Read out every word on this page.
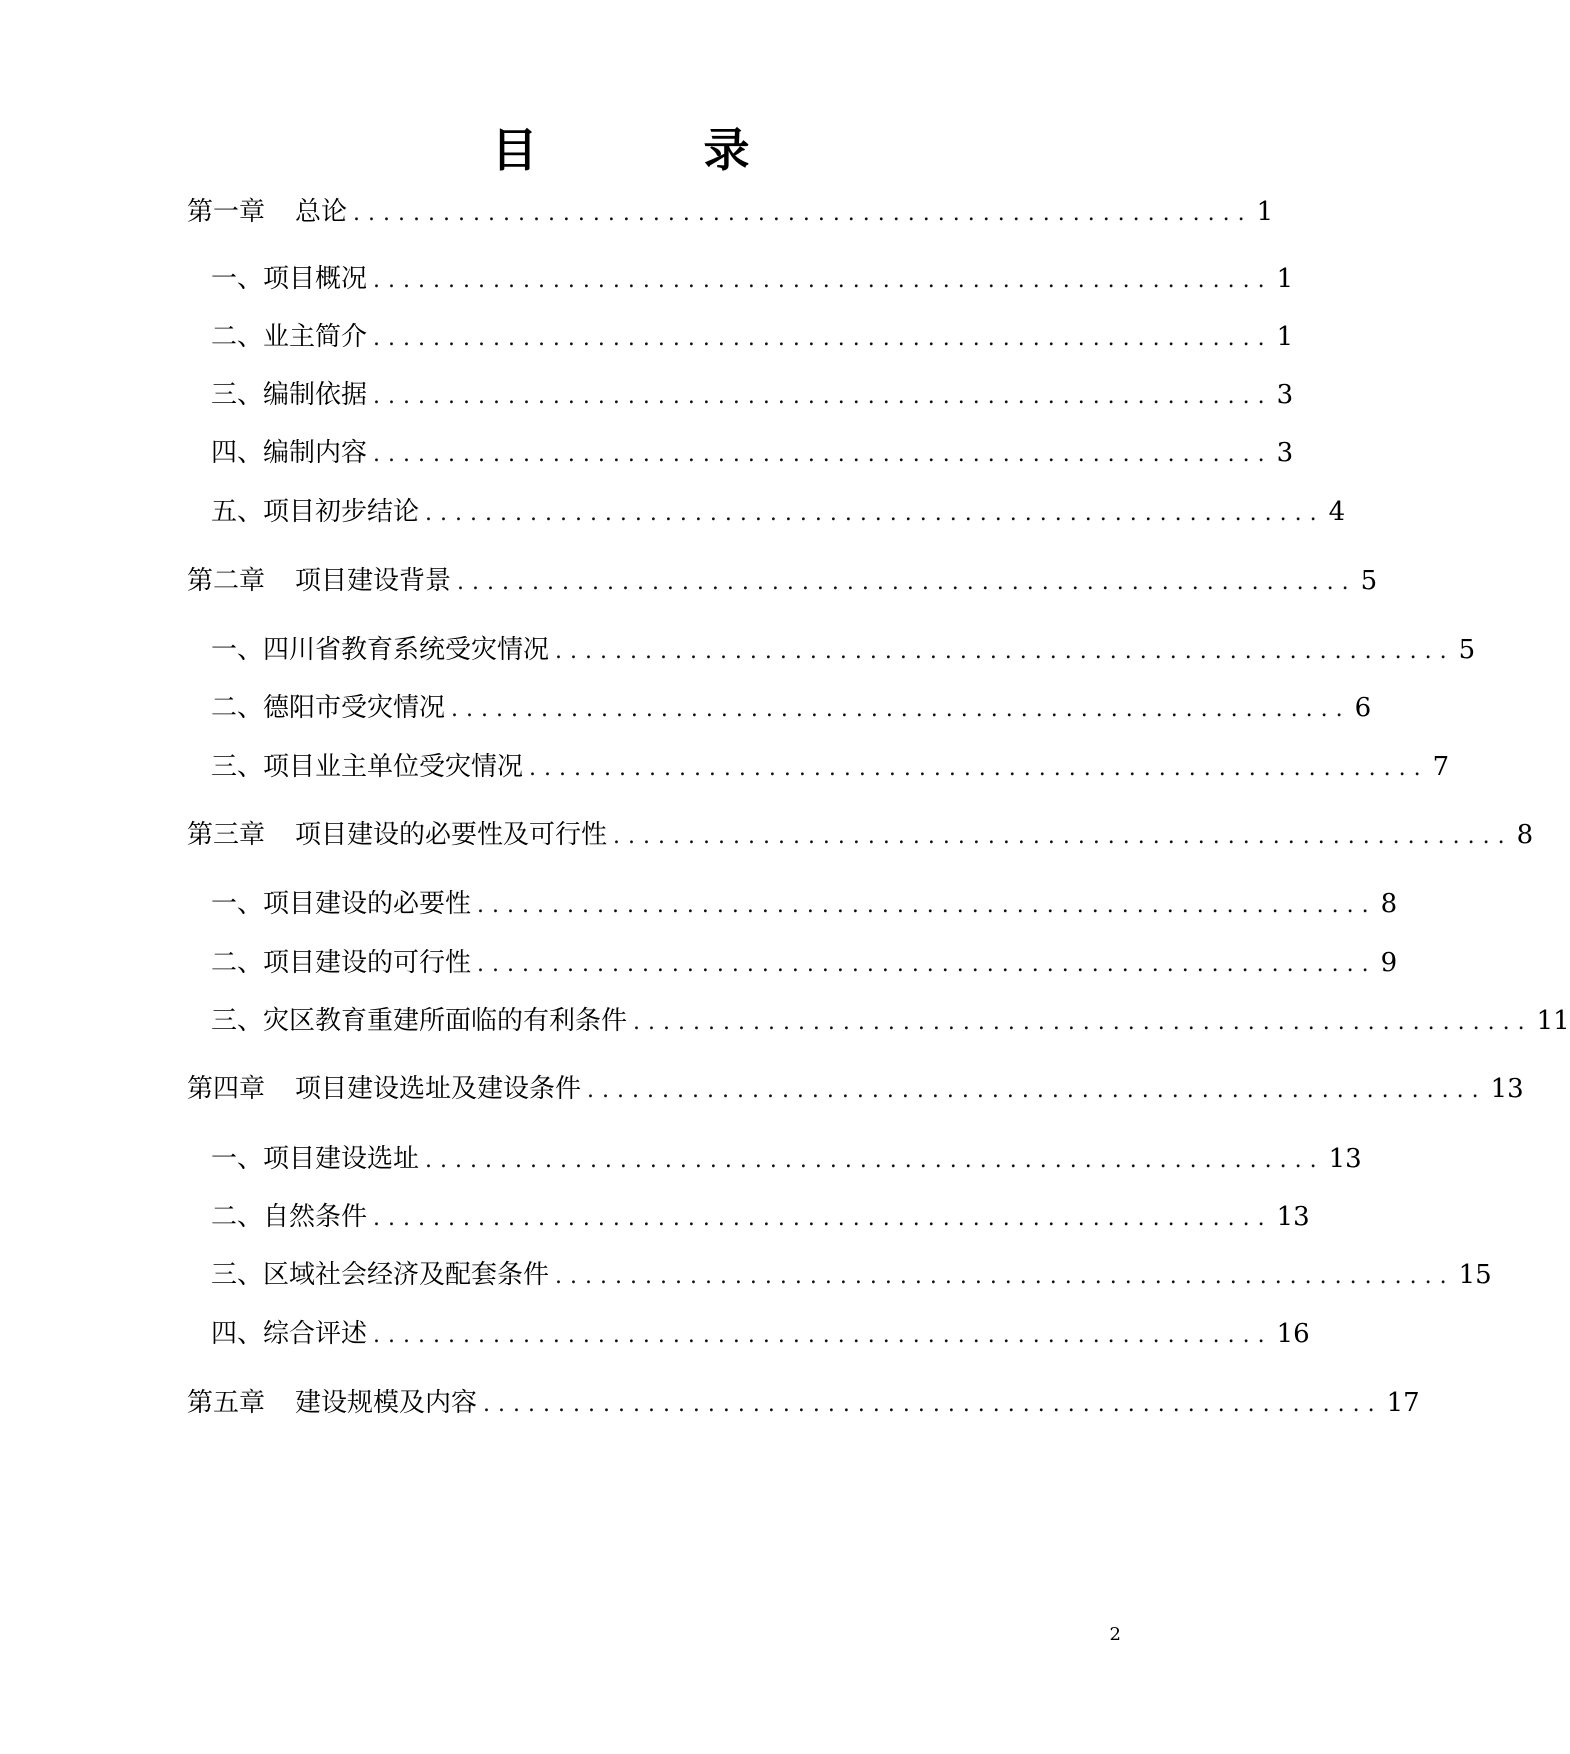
目　录
第一章 总论 ............................................................ 1
一、项目概况 ............................................................ 1
二、业主简介 ............................................................ 1
三、编制依据 ............................................................ 3
四、编制内容 ............................................................ 3
五、项目初步结论 ............................................................ 4
第二章 项目建设背景 ............................................................ 5
一、四川省教育系统受灾情况 ............................................................ 5
二、德阳市受灾情况 ............................................................ 6
三、项目业主单位受灾情况 ............................................................ 7
第三章 项目建设的必要性及可行性 ............................................................ 8
一、项目建设的必要性 ............................................................ 8
二、项目建设的可行性 ............................................................ 9
三、灾区教育重建所面临的有利条件 ............................................................ 11
第四章 项目建设选址及建设条件 ............................................................ 13
一、项目建设选址 ............................................................ 13
二、自然条件 ............................................................ 13
三、区域社会经济及配套条件 ............................................................ 15
四、综合评述 ............................................................ 16
第五章 建设规模及内容 ............................................................ 17
2
